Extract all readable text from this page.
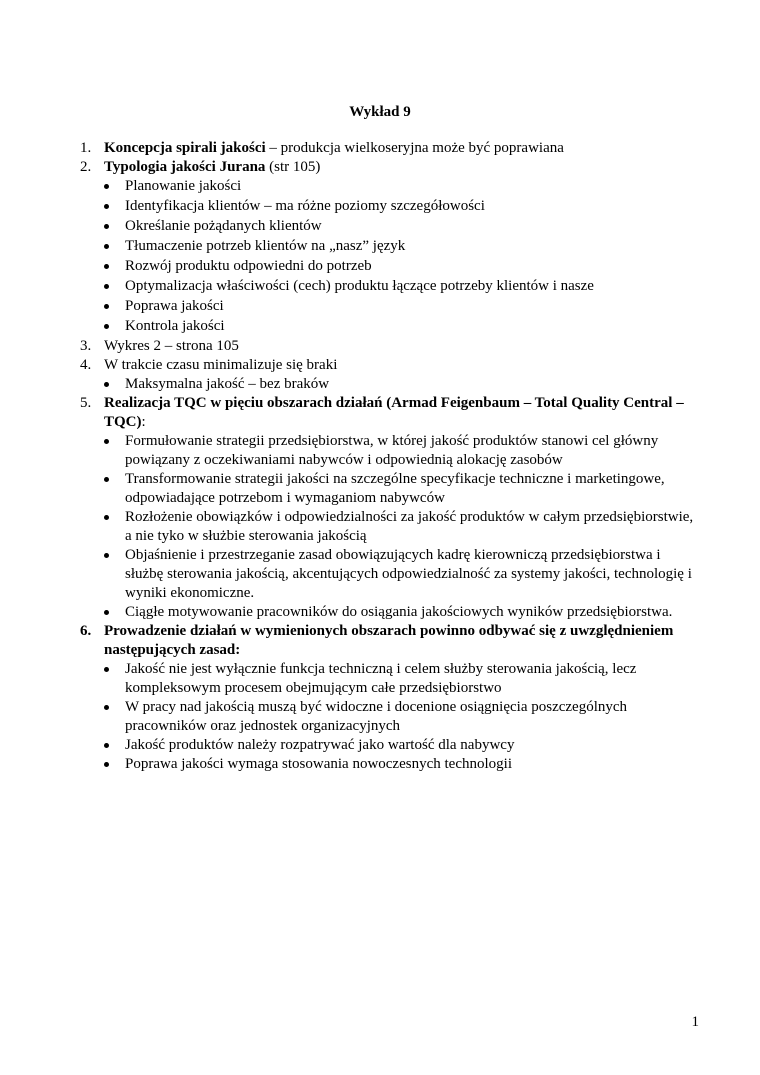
Wykład 9
1. Koncepcja spirali jakości – produkcja wielkoseryjna może być poprawiana
2. Typologia jakości Jurana (str 105)
Planowanie jakości
Identyfikacja klientów – ma różne poziomy szczegółowości
Określanie pożądanych klientów
Tłumaczenie potrzeb klientów na „nasz” język
Rozwój produktu odpowiedni do potrzeb
Optymalizacja właściwości (cech) produktu łączące potrzeby klientów i nasze
Poprawa jakości
Kontrola jakości
3. Wykres 2 – strona 105
4. W trakcie czasu minimalizuje się braki
Maksymalna jakość – bez braków
5. Realizacja TQC w pięciu obszarach działań (Armad Feigenbaum – Total Quality Central – TQC):
Formułowanie strategii przedsiębiorstwa, w której jakość produktów stanowi cel główny powiązany z oczekiwaniami nabywców i odpowiednią alokację zasobów
Transformowanie strategii jakości na szczególne specyfikacje techniczne i marketingowe, odpowiadające potrzebom i wymaganiom nabywców
Rozłożenie obowiązków i odpowiedzialności za jakość produktów w całym przedsiębiorstwie, a nie tyko w służbie sterowania jakością
Objaśnienie i przestrzeganie zasad obowiązujących kadrę kierowniczą przedsiębiorstwa i służbę sterowania jakością, akcentujących odpowiedzialność za systemy jakości, technologię i wyniki ekonomiczne.
Ciągłe motywowanie pracowników do osiągania jakościowych wyników przedsiębiorstwa.
6. Prowadzenie działań w wymienionych obszarach powinno odbywać się z uwzględnieniem następujących zasad:
Jakość nie jest wyłącznie funkcja techniczną i celem służby sterowania jakością, lecz kompleksowym procesem obejmującym całe przedsiębiorstwo
W pracy nad jakością muszą być widoczne i docenione osiągnięcia poszczególnych pracowników oraz jednostek organizacyjnych
Jakość produktów należy rozpatrywać jako wartość dla nabywcy
Poprawa jakości wymaga stosowania nowoczesnych technologii
1
